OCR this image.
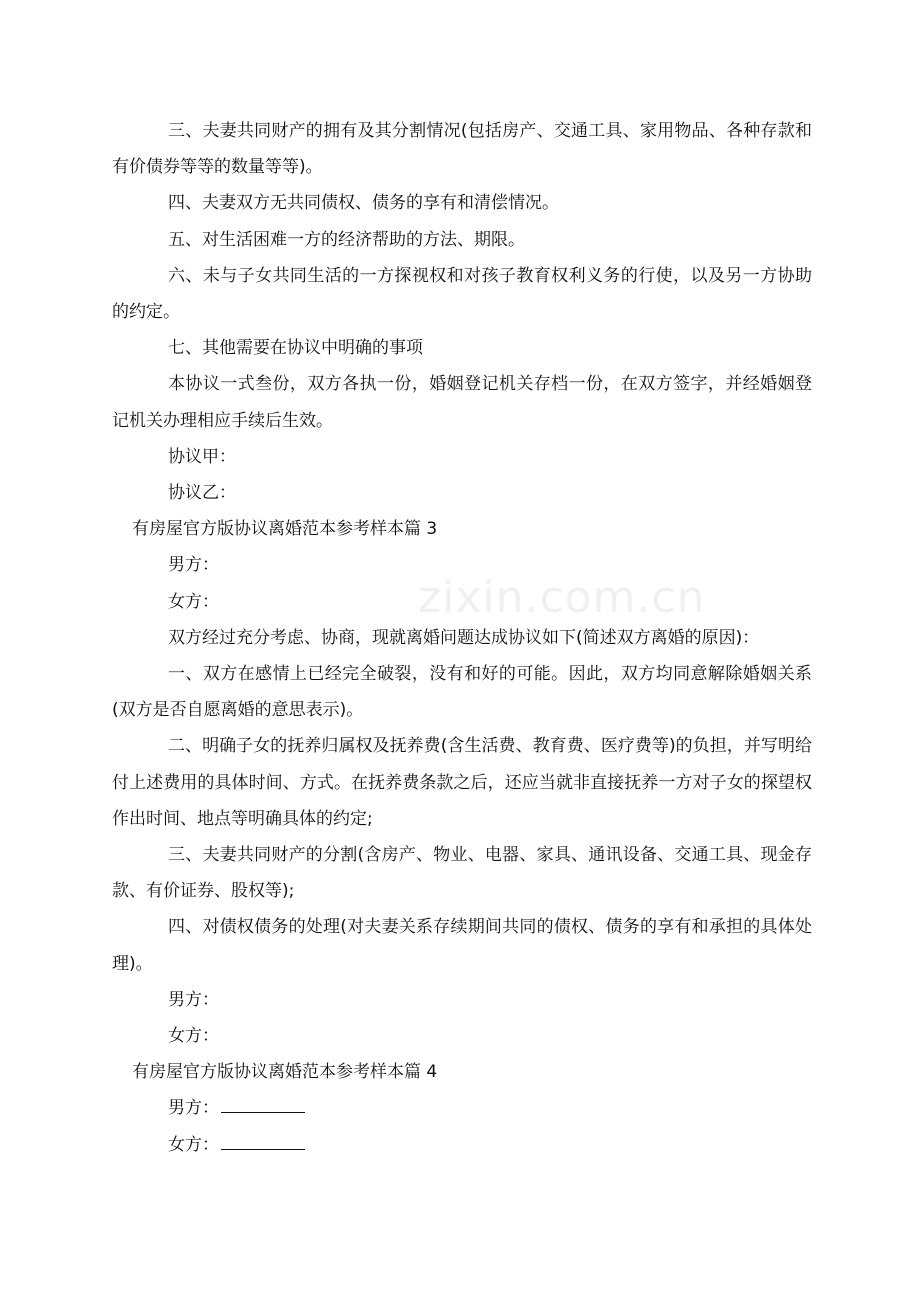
三、夫妻共同财产的拥有及其分割情况(包括房产、交通工具、家用物品、各种存款和有价债券等等的数量等等)。

四、夫妻双方无共同债权、债务的享有和清偿情况。

五、对生活困难一方的经济帮助的方法、期限。

六、未与子女共同生活的一方探视权和对孩子教育权利义务的行使，以及另一方协助的约定。

七、其他需要在协议中明确的事项

本协议一式叁份，双方各执一份，婚姻登记机关存档一份，在双方签字，并经婚姻登记机关办理相应手续后生效。

协议甲：

协议乙：

有房屋官方版协议离婚范本参考样本篇 3

男方：

女方：

双方经过充分考虑、协商，现就离婚问题达成协议如下(简述双方离婚的原因)：

一、双方在感情上已经完全破裂，没有和好的可能。因此，双方均同意解除婚姻关系(双方是否自愿离婚的意思表示)。

二、明确子女的抚养归属权及抚养费(含生活费、教育费、医疗费等)的负担，并写明给付上述费用的具体时间、方式。在抚养费条款之后，还应当就非直接抚养一方对子女的探望权作出时间、地点等明确具体的约定;

三、夫妻共同财产的分割(含房产、物业、电器、家具、通讯设备、交通工具、现金存款、有价证券、股权等);

四、对债权债务的处理(对夫妻关系存续期间共同的债权、债务的享有和承担的具体处理)。

男方：

女方：

有房屋官方版协议离婚范本参考样本篇 4

男方：

女方：

zixin.com.cn
